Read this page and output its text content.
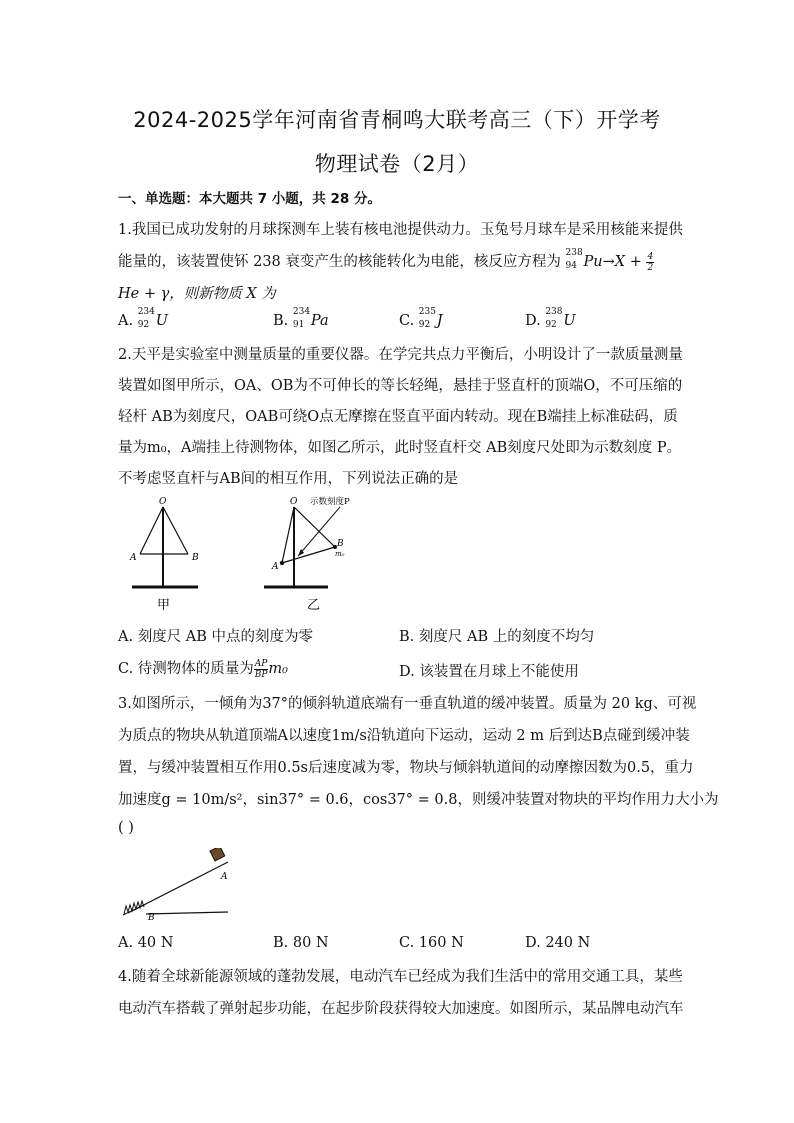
2024-2025学年河南省青桐鸣大联考高三（下）开学考
物理试卷（2月）
一、单选题：本大题共 7 小题，共 28 分。
1.我国已成功发射的月球探测车上装有核电池提供动力。玉兔号月球车是采用核能来提供
能量的，该装置使钚 238 衰变产生的核能转化为电能，核反应方程为
238
94 $Pu\to X + \frac{4}{2}$
He + γ，则新物质 X 为
A.
234
92 U	B.
234
91 Pa	C.
235
92 J	D.
238
92 U
2.天平是实验室中测量质量的重要仪器。在学完共点力平衡后，小明设计了一款质量测量
装置如图甲所示，OA、OB为不可伸长的等长轻绳，悬挂于竖直杆的顶端O，不可压缩的
轻杆 AB为刻度尺，OAB可绕O点无摩擦在竖直平面内转动。现在B端挂上标准砝码，质
量为m₀，A端挂上待测物体，如图乙所示，此时竖直杆交 AB刻度尺处即为示数刻度 P。
不考虑竖直杆与AB间的相互作用，下列说法正确的是
O
A	B
甲
O
A
B
m₀
示数刻度P
乙
A. 刻度尺 AB 中点的刻度为零	B. 刻度尺 AB 上的刻度不均匀
C. 待测物体的质量为 $\frac{AP}{BP} m_0$	D. 该装置在月球上不能使用
3.如图所示，一倾角为37°的倾斜轨道底端有一垂直轨道的缓冲装置。质量为 20 kg、可视
为质点的物块从轨道顶端A以速度1m/s沿轨道向下运动，运动 2 m 后到达B点碰到缓冲装
置，与缓冲装置相互作用0.5s后速度减为零，物块与倾斜轨道间的动摩擦因数为0.5，重力
加速度g = 10m/s²，sin37° = 0.6，cos37° = 0.8，则缓冲装置对物块的平均作用力大小为
( )
A
B
A. 40 N	B. 80 N	C. 160 N	D. 240 N
4.随着全球新能源领域的蓬勃发展，电动汽车已经成为我们生活中的常用交通工具，某些
电动汽车搭载了弹射起步功能，在起步阶段获得较大加速度。如图所示，某品牌电动汽车
